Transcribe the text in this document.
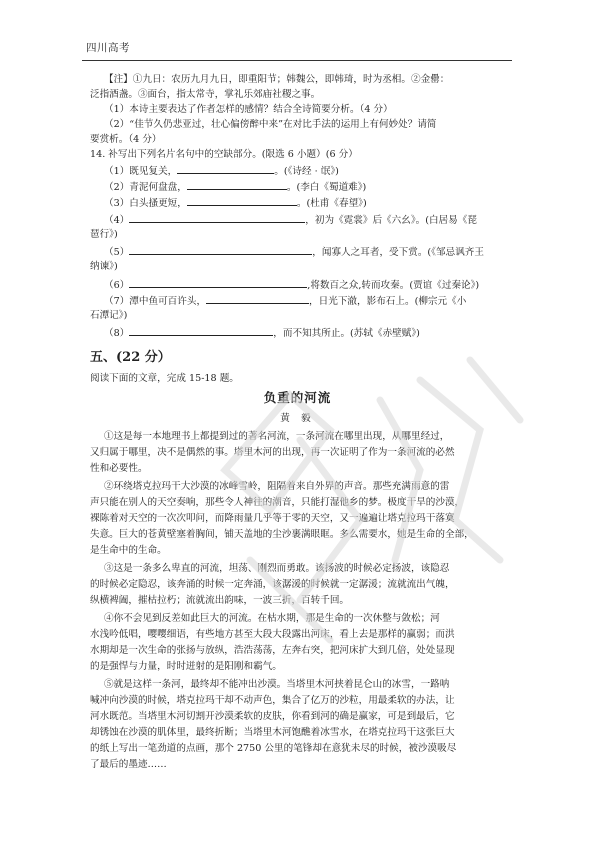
四川高考
【注】①九日：农历九月九日，即重阳节；韩魏公，即韩琦，时为丞相。②金罍：
泛指酒盏。③面台，指太常寺，掌礼乐郊庙社稷之事。
（1）本诗主要表达了作者怎样的感情？结合全诗简要分析。（4 分）
（2）“佳节久仍悲亚过，壮心偏傍醉中来”在对比手法的运用上有何妙处？请简
要赏析。（4 分）
14. 补写出下列名片名句中的空缺部分。(限选 6 小题）(6 分）
（1）既见复关，	。(《诗经 · 氓》)
（2）青泥何盘盘，	。(李白《蜀道难》)
（3）白头搔更短，	。(杜甫《春望》)
（4）	，初为《霓裳》后《六幺》。(白居易《琵
琶行》)
（5）	，闻寡人之耳者，受下赏。(《邹忌讽齐王
纳谏》)
（6）	,将数百之众,转而攻秦。(贾谊《过秦论》)
（7）潭中鱼可百许头，	，日光下澈，影布石上。(柳宗元《小
石潭记》)
（8）	，而不知其所止。(苏轼《赤壁赋》)
五、(22 分）
阅读下面的文章，完成 15-18 题。
负重的河流
黄 毅
①这是每一本地理书上都提到过的著名河流，一条河流在哪里出现，从哪里经过，
又归属于哪里，决不是偶然的事。塔里木河的出现，再一次证明了作为一条河流的必然
性和必要性。
②环绕塔克拉玛干大沙漠的冰峰雪岭，阻隔着来自外界的声音。那些充满雨意的雷
声只能在别人的天空奏响，那些令人神往的潮音，只能打湿他乡的梦。极度干旱的沙漠，
裸陈着对天空的一次次叩问，而降雨量几乎等于零的天空，又一遍遍让塔克拉玛干落寞
失意。巨大的苍黄壁塞着胸间，铺天盖地的尘沙裹满眼眶。多么需要水，她是生命的全部，
是生命中的生命。
③这是一条多么卑直的河流，坦荡、刚烈而勇敢。该扬波的时候必定扬波，该隐忍
的时候必定隐忍，该奔涌的时候一定奔涌，该潺湲的时候就一定潺湲；流就流出气魄，
纵横裨阖，摧枯拉朽；流就流出韵味，一波三折，百转千回。
④你不会见到反差如此巨大的河流。在枯水期，那是生命的一次休整与敛松；河
水浅吟低唱，嘤嘤细语，有些地方甚至大段大段露出河床，看上去是那样的赢弱；而洪
水期却是一次生命的张扬与放纵，浩浩荡荡，左奔右突，把河床扩大到几倍，处处显现
的是强悍与力量，时时迸射的是阳刚和霸气。
⑤就是这样一条河，最终却不能冲出沙漠。当塔里木河挟着昆仑山的冰雪，一路呐
喊冲向沙漠的时候，塔克拉玛干却不动声色，集合了亿万的沙粒，用最柔软的办法，让
河水既范。当塔里木河切割开沙漠柔软的皮肤，你看到河的确是赢家，可是到最后，它
却锈蚀在沙漠的肌体里，最终折断；当塔里木河饱醮着冰雪水，在塔克拉玛干这张巨大
的纸上写出一笔劲道的点画，那个 2750 公里的笔锋却在意犹未尽的时候，被沙漠吸尽
了最后的墨迹……
